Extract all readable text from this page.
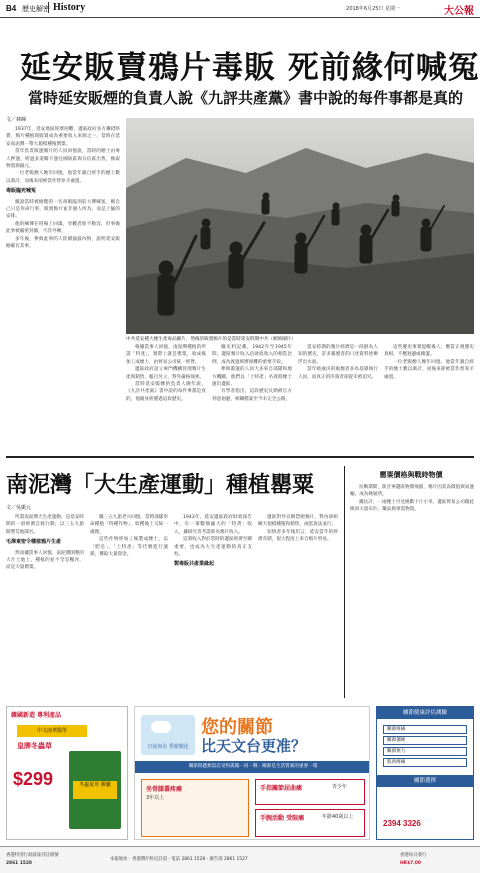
B4 歷史解密 History	2018年6月25日 星期一	大公報
延安販賣鴉片毒販 死前緣何喊冤
當時延安販煙的負責人說《九評共產黨》書中說的每件事都是真的
文／林暉

1937年，延安地區經濟困難，邊區政府多方籌措經費，鴉片種植與販賣成為重要收入來源之一，當時在延安南泥灣一帶大規模種植罌粟。

當年負責販運鴉片的人員回憶說，當時的煙土由專人押運，經過多道關卡運往國統區與日佔區出售，換取物資與銀元。

一位老販煙人晚年回憶，他當年親自經手的煙土數以萬計，而後來卻被當作替罪羊處置。

毒販臨死喊冤

據說當時被槍斃的一名毒販臨刑前大聲喊冤，稱自己只是奉命行事，販賣鴉片並非個人所為，而是上級的安排。

他的喊聲在刑場上回蕩，旁觀者無不動容，但事後此事被嚴密封鎖，不許外傳。

多年後，參與此事的人陸續披露內情，說明延安販煙確有其事。

中共延安種大煙生產毒品圖片，然後的販賣鴉片的是當時延安時期中共（網絡圖片）

根據當事人回憶，南泥灣種植的所謂「特產」，實際上就是罌粟，收成後加工成煙土，由貿易公司統一經營。

邊區政府設立專門機構管理鴉片生產與銷售，帳目另立，對外嚴格保密。

當時延安販煙的負責人晚年說，《九評共產黨》書中說的每件事都是真的，他親身經歷過這段歷史。

據史料記載，1942年至1945年間，邊區鴉片收入佔財政收入的相當比例，成為渡過經濟困難的重要手段。

參與販運的人員大多來自部隊和地方機關，他們以「土特產」名義將煙土運出邊區。

有學者指出，這段歷史長期被官方刻意迴避，相關檔案至今未完全公開。

延安時期的鴉片經濟是一段鮮為人知的歷史，許多親歷者的口述資料逐漸浮出水面。

當年被處決的販煙者多為基層執行人員，而真正的決策者卻從未被追究。

這些歷史事實提醒後人，應當正視歷史真相，不應迴避或掩蓋。

一位老販煙人晚年回憶，他當年親自經手的煙土數以萬計，而後來卻被當作替罪羊處置。

南泥灣「大生產運動」種植罌粟	罌粟價格與戰時物價
文／吳凱元

所謂南泥灣大生產運動，是延安時期的一項經濟自救行動，以三五九旅開墾荒地聞名。

毛澤東密令種植鴉片生產

然而據當事人回憶，南泥灣開墾的大片土地上，種植的並不全是糧食，而是大量罌粟。

據三五九旅老兵回憶，當時部隊奉命種植「特種作物」，收穫後上交統一處理。

這些作物經加工後製成煙土，以「肥皂」、「土特產」等代號進行運銷，獲取大量資金。

1943年，延安邊區政府財政報告中，有一筆數額龐大的「特貨」收入，據研究者考證即為鴉片收入。

這筆收入對於當時的邊區經濟至關重要，也成為大生產運動的真正支柱。

製毒販共產業緣起

邊區對外宣稱禁絕鴉片，對內卻組織大規模種植和銷售，兩套說法並行。

知情者多年後坦言，延安當年的經濟奇蹟，很大程度上來自鴉片貿易。

抗戰期間，陝甘寧邊區物價飛漲，鴉片因其高價值與易運輸，成為硬通貨。

據估計，一兩煙土可兌換數十斤小米，邊區貿易公司藉此換回大量布匹、藥品與軍需物資。

韓國新造 專利產品
中文南華醫學
皇牌冬蟲草
$299	冬蟲夏草 膠囊
日夜如水 季節變化
您的關節
比天文台更准？
關節問題無需忍受和孤獨一同一戰 - 關節是生活質素的重要一環
坐骨膝蓋疼痛
3年以上
手指關節屈曲痛	青少年
手腕活動 受限痛	年齡40歲以上
關節健康評估測驗
關節疼痛
關節僵硬
關節無力
肌肉疼痛
關節選擇
2394 3326
香港特別行政區報刊註冊號
2861 1528
本報地址：香港灣仔軒尼詩道 · 電話 2861 1528 · 廣告部 2861 1527
香港每日發行
HK$7.00
